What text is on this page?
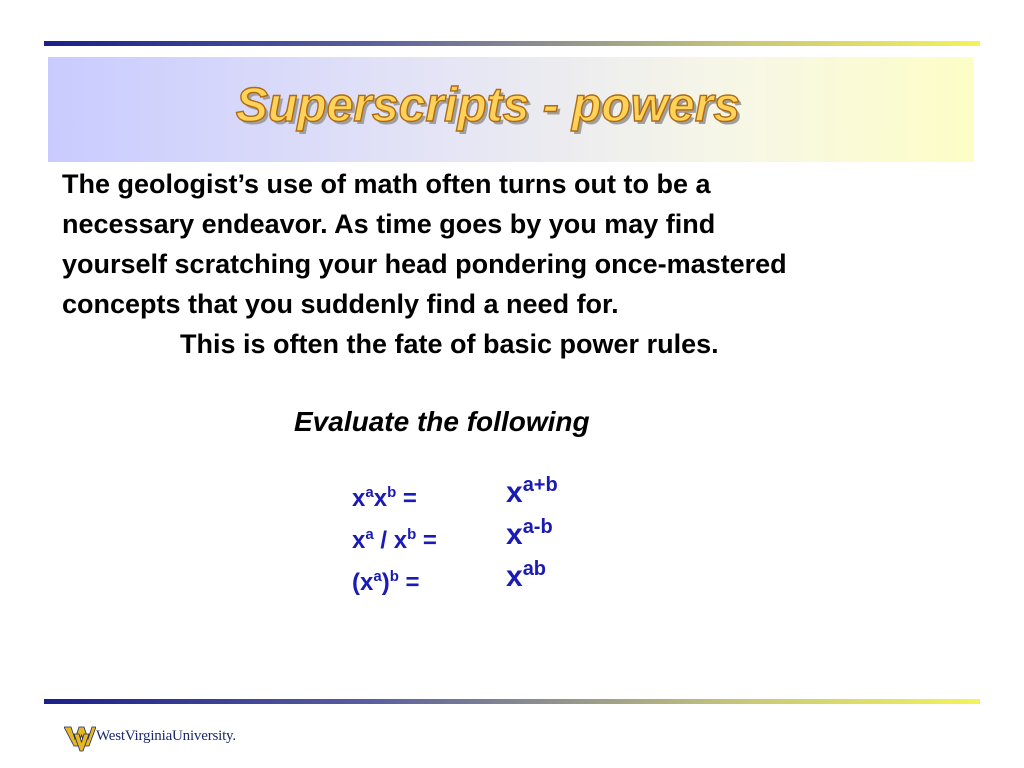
Superscripts - powers

The geologist’s use of math often turns out to be a

necessary endeavor. As time goes by you may find

yourself scratching your head pondering once-mastered

concepts that you suddenly find a need for.

This is often the fate of basic power rules.

Evaluate the following
$x^ax^b$ =	$x^{a+b}$
$x^a / x^b = x^{a-b}$
$(x^a)^b$ =	$x^{ab}$
WestVirginiaUniversity.
